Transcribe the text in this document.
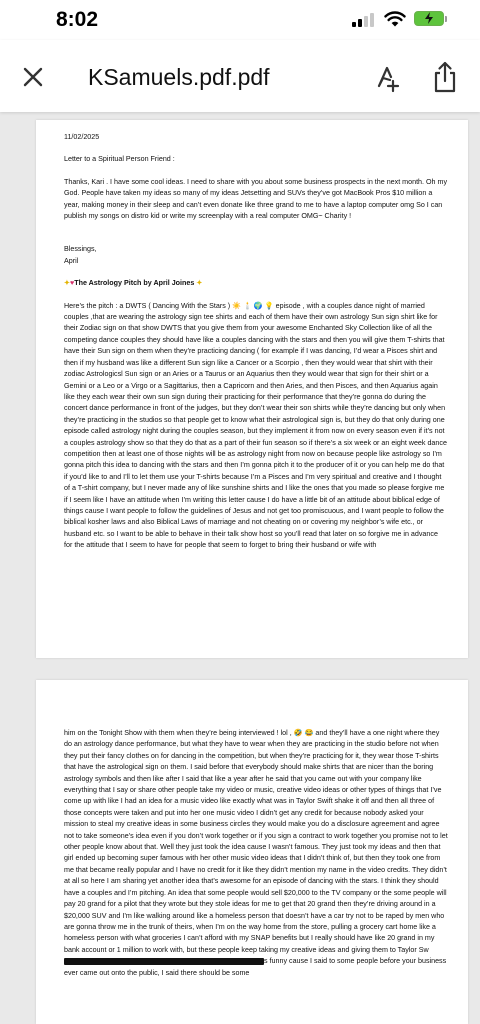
8:02
KSamuels.pdf.pdf

11/02/2025

Letter to a Spiritual Person Friend :

Thanks, Kari . I have some cool ideas. I need to share with you about some business prospects in the next month. Oh my God. People have taken my ideas so many of my ideas Jetsetting and SUVs they’ve got MacBook Pros $10 million a year, making money in their sleep and can’t even donate like three grand to me to have a laptop computer omg So I can publish my songs on distro kid or write my screenplay with a real computer OMG~ Charity !

Blessings,

April

✦♥The Astrology Pitch by April Joines ✦

Here’s the pitch : a DWTS ( Dancing With the Stars ) ☀️ 🕯️ 🌍 💡 episode , with a couples dance night of married couples ,that are wearing the astrology sign tee shirts and each of them have their own astrology Sun sign shirt like for their Zodiac sign on that show DWTS that you give them from your awesome Enchanted Sky Collection like of all the competing dance couples they should have like a couples dancing with the stars and then you will give them T-shirts that have their Sun sign on them when they’re practicing dancing ( for example if I was dancing, I’d wear a Pisces shirt and then if my husband was like a different Sun sign like a Cancer or a Scorpio , then they would wear that shirt with their zodiac Astrologicsl Sun sign or an Aries or a Taurus or an Aquarius then they would wear that sign for their shirt or a Gemini or a Leo or a Virgo or a Sagittarius, then a Capricorn and then Aries, and then Pisces, and then Aquarius again like they each wear their own sun sign during their practicing for their performance that they’re gonna do during the concert dance performance in front of the judges, but they don’t wear their son shirts while they’re dancing but only when they’re practicing in the studios so that people get to know what their astrological sign is, but they do that only during one episode called astrology night during the couples season, but they implement it from now on every season even if it’s not a couples astrology show so that they do that as a part of their fun season so if there’s a six week or an eight week dance competition then at least one of those nights will be as astrology night from now on because people like astrology so I’m gonna pitch this idea to dancing with the stars and then I’m gonna pitch it to the producer of it or you can help me do that if you’d like to and I’ll to let them use your T-shirts because I’m a Pisces and I’m very spiritual and creative and I thought of a T-shirt company, but I never made any of like sunshine shirts and I like the ones that you made so please forgive me if I seem like I have an attitude when I’m writing this letter cause I do have a little bit of an attitude about biblical edge of things cause I want people to follow the guidelines of Jesus and not get too promiscuous, and I want people to follow the biblical kosher laws and also Biblical Laws of marriage and not cheating on or covering my neighbor’s wife etc., or husband etc. so I want to be able to behave in their talk show host so you’ll read that later on so forgive me in advance for the attitude that I seem to have for people that seem to forget to bring their husband or wife with

him on the Tonight Show with them when they’re being interviewed ! lol , 🤣 😂 and they’ll have a one night where they do an astrology dance performance, but what they have to wear when they are practicing in the studio before not when they put their fancy clothes on for dancing in the competition, but when they’re practicing for it, they wear those T-shirts that have the astrological sign on them. I said before that everybody should make shirts that are nicer than the boring astrology symbols and then like after I said that like a year after he said that you came out with your company like everything that I say or share other people take my video or music, creative video ideas or other types of things that I’ve come up with like I had an idea for a music video like exactly what was in Taylor Swift shake it off and then all three of those concepts were taken and put into her one music video I didn’t get any credit for because nobody asked your mission to steal my creative ideas in some business circles they would make you do a disclosure agreement and agree not to take someone’s idea even if you don’t work together or if you sign a contract to work together you promise not to let other people know about that. Well they just took the idea cause I wasn’t famous. They just took my ideas and then that girl ended up becoming super famous with her other music video ideas that I didn’t think of, but then they took one from me that became really popular and I have no credit for it like they didn’t mention my name in the video credits. They didn’t at all so here I am sharing yet another idea that’s awesome for an episode of dancing with the stars. I think they should have a couples and I’m pitching. An idea that some people would sell $20,000 to the TV company or the some people will pay 20 grand for a pilot that they wrote but they stole ideas for me to get that 20 grand then they’re driving around in a $20,000 SUV and I’m like walking around like a homeless person that doesn’t have a car try not to be raped by men who are gonna throw me in the trunk of theirs, when I’m on the way home from the store, pulling a grocery cart home like a homeless person with what groceries I can’t afford with my SNAP benefits but I really should have like 20 grand in my bank account or 1 million to work with, but these people keep taking my creative ideas and giving them to Taylor Sws funny cause I said to some people before your business ever came out onto the public, I said there should be some
